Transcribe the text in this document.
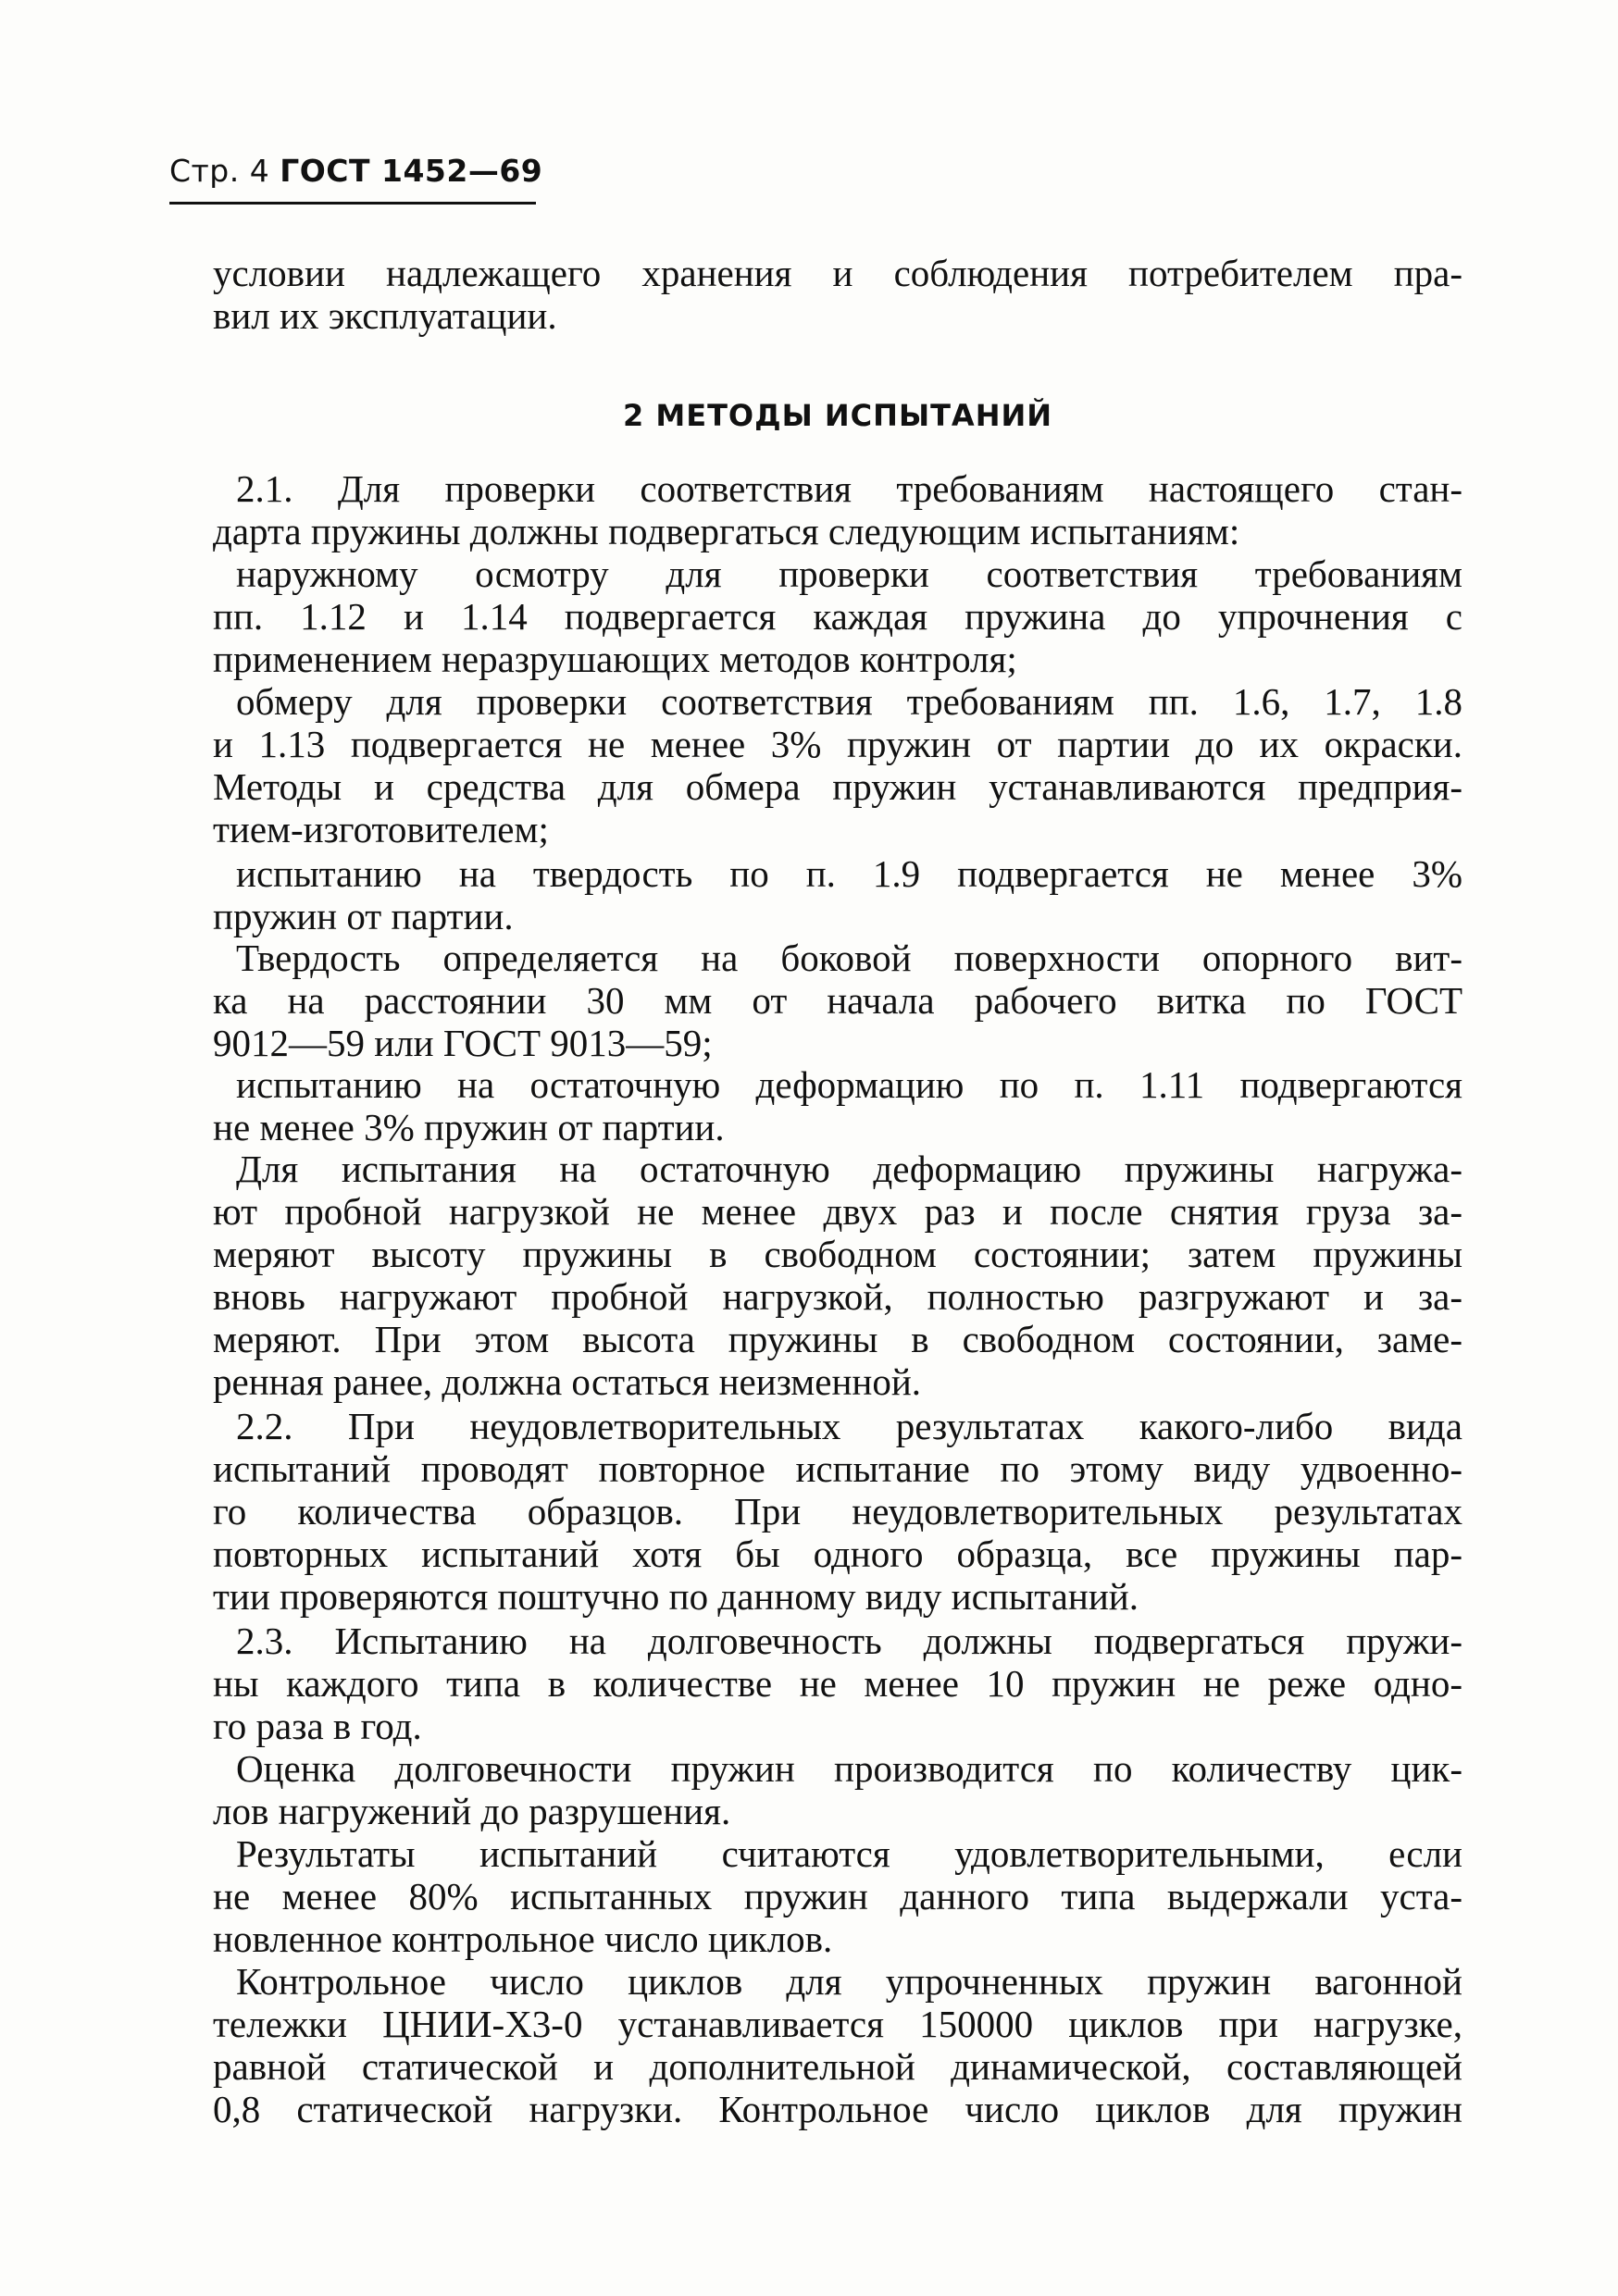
Стр. 4 ГОСТ 1452—69
условии надлежащего хранения и соблюдения потребителем пра-
вил их эксплуатации.
2 МЕТОДЫ ИСПЫТАНИЙ
2.1. Для проверки соответствия требованиям настоящего стан-
дарта пружины должны подвергаться следующим испытаниям:
наружному осмотру для проверки соответствия требованиям
пп. 1.12 и 1.14 подвергается каждая пружина до упрочнения с
применением неразрушающих методов контроля;
обмеру для проверки соответствия требованиям пп. 1.6, 1.7, 1.8
и 1.13 подвергается не менее 3% пружин от партии до их окраски.
Методы и средства для обмера пружин устанавливаются предприя-
тием-изготовителем;
испытанию на твердость по п. 1.9 подвергается не менее 3%
пружин от партии.
Твердость определяется на боковой поверхности опорного вит-
ка на расстоянии 30 мм от начала рабочего витка по ГОСТ
9012—59 или ГОСТ 9013—59;
испытанию на остаточную деформацию по п. 1.11 подвергаются
не менее 3% пружин от партии.
Для испытания на остаточную деформацию пружины нагружа-
ют пробной нагрузкой не менее двух раз и после снятия груза за-
меряют высоту пружины в свободном состоянии; затем пружины
вновь нагружают пробной нагрузкой, полностью разгружают и за-
меряют. При этом высота пружины в свободном состоянии, заме-
ренная ранее, должна остаться неизменной.
2.2. При неудовлетворительных результатах какого-либо вида
испытаний проводят повторное испытание по этому виду удвоенно-
го количества образцов. При неудовлетворительных результатах
повторных испытаний хотя бы одного образца, все пружины пар-
тии проверяются поштучно по данному виду испытаний.
2.3. Испытанию на долговечность должны подвергаться пружи-
ны каждого типа в количестве не менее 10 пружин не реже одно-
го раза в год.
Оценка долговечности пружин производится по количеству цик-
лов нагружений до разрушения.
Результаты испытаний считаются удовлетворительными, если
не менее 80% испытанных пружин данного типа выдержали уста-
новленное контрольное число циклов.
Контрольное число циклов для упрочненных пружин вагонной
тележки ЦНИИ-Х3-0 устанавливается 150000 циклов при нагрузке,
равной статической и дополнительной динамической, составляющей
0,8 статической нагрузки. Контрольное число циклов для пружин
